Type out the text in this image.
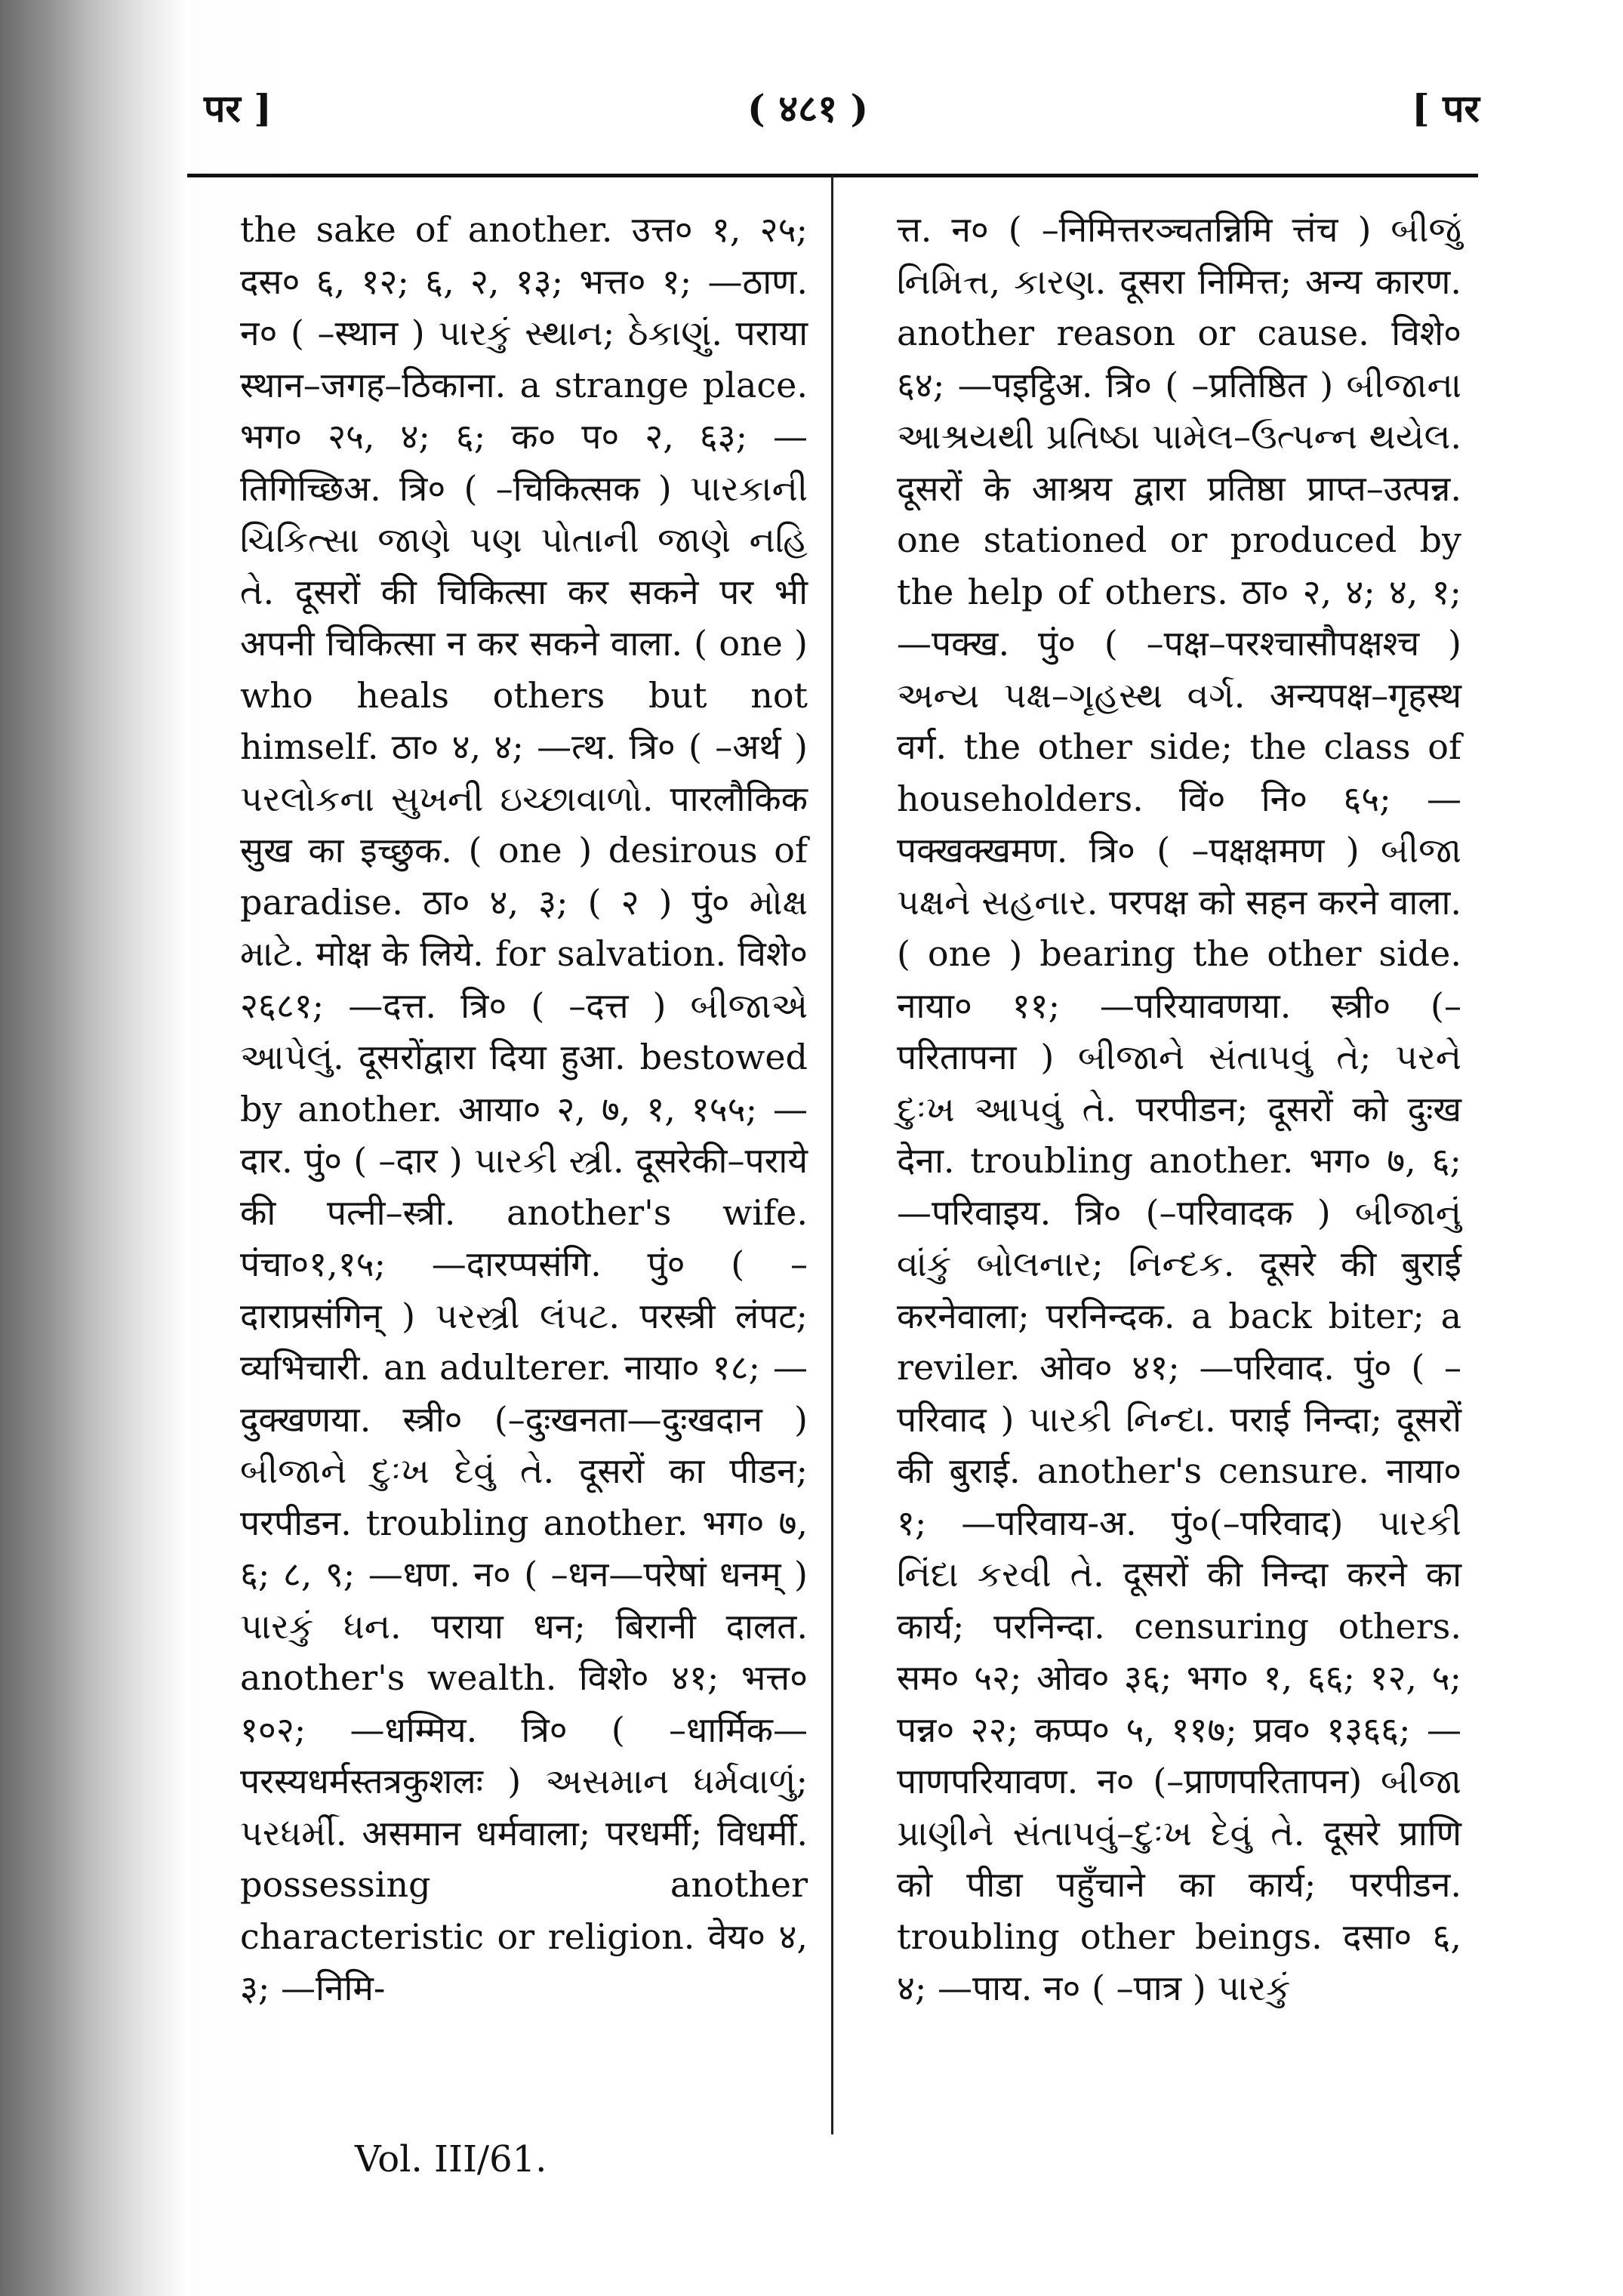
पर ]	( ४८१ )	[ पर

the sake of another. उत्त० १, २५; दस० ६, १२; ६, २, १३; भत्त० १; —ठाण. न० ( –स्थान ) પારકું સ્થાન; ઠેકાણું. पराया स्थान–जगह–ठिकाना. a strange place. भग० २५, ४; ६; क० प० २, ६३; —तिगिच्छिअ. त्रि० ( –चिकित्सक ) પારકાની ચિકિત્સા જાણે પણ પોતાની જાણે નહિ તે. दूसरों की चिकित्सा कर सकने पर भी अपनी चिकित्सा न कर सकने वाला. ( one ) who heals others but not himself. ठा० ४, ४; —त्थ. त्रि० ( –अर्थ ) પરલોકના સુખની ઇચ્છાવાળો. पारलौकिक सुख का इच्छुक. ( one ) desirous of paradise. ठा० ४, ३; ( २ ) पुं० મોક્ષ માટે. मोक्ष के लिये. for salvation. विशे० २६८१; —दत्त. त्रि० ( –दत्त ) બીજાએ આપેલું. दूसरोंद्वारा दिया हुआ. bestowed by another. आया० २, ७, १, १५५; —दार. पुं० ( –दार ) પારકી સ્ત્રી. दूसरेकी–पराये की पत्नी–स्त्री. another's wife. पंचा०१,१५; —दारप्पसंगि. पुं० ( –दाराप्रसंगिन् ) પરસ્ત્રી લંપટ. परस्त्री लंपट; व्यभिचारी. an adulterer. नाया० १८; —दुक्खणया. स्त्री० (–दुःखनता—दुःखदान ) બીજાને દુઃખ દેવું તે. दूसरों का पीडन; परपीडन. troubling another. भग० ७, ६; ८, ९; —धण. न० ( –धन—परेषां धनम् ) પારકું ધન. पराया धन; बिरानी दालत. another's wealth. विशे० ४१; भत्त० १०२; —धम्मिय. त्रि० ( –धार्मिक—परस्यधर्मस्तत्रकुशलः ) અસમાન ધર્મવાળું; પરધર્મી. असमान धर्मवाला; परधर्मी; विधर्मी. possessing another characteristic or religion. वेय० ४, ३; —निमि-

त्त. न० ( –निमित्तरञ्चतन्निमि त्तंच ) બીજું નિમિત્ત, કારણ. दूसरा निमित्त; अन्य कारण. another reason or cause. विशे० ६४; —पइट्ठिअ. त्रि० ( –प्रतिष्ठित ) બીજાના આશ્રયથી પ્રતિષ્ઠા પામેલ–ઉત્પન્ન થયેલ. दूसरों के आश्रय द्वारा प्रतिष्ठा प्राप्त–उत्पन्न. one stationed or produced by the help of others. ठा० २, ४; ४, १; —पक्ख. पुं० ( –पक्ष–परश्चासौपक्षश्च ) અન્ય પક્ષ–ગૃહસ્થ વર્ગ. अन्यपक्ष–गृहस्थ वर्ग. the other side; the class of householders. विं० नि० ६५; —पक्खक्खमण. त्रि० ( –पक्षक्षमण ) બીજા પક્ષને સહનાર. परपक्ष को सहन करने वाला. ( one ) bearing the other side. नाया० ११; —परियावणया. स्त्री० (–परितापना ) બીજાને સંતાપવું તે; પરને દુઃખ આપવું તે. परपीडन; दूसरों को दुःख देना. troubling another. भग० ७, ६; —परिवाइय. त्रि० (–परिवादक ) બીજાનું વાંકું બોલનાર; નિન્દક. दूसरे की बुराई करनेवाला; परनिन्दक. a back biter; a reviler. ओव० ४१; —परिवाद. पुं० ( –परिवाद ) પારકી નિન્દા. पराई निन्दा; दूसरों की बुराई. another's censure. नाया० १; —परिवाय-अ. पुं०(–परिवाद) પારકી નિંદા કરવી તે. दूसरों की निन्दा करने का कार्य; परनिन्दा. censuring others. सम० ५२; ओव० ३६; भग० १, ६६; १२, ५; पन्न० २२; कप्प० ५, ११७; प्रव० १३६६; —पाणपरियावण. न० (–प्राणपरितापन) બીજા પ્રાણીને સંતાપવું–દુઃખ દેવું તે. दूसरे प्राणि को पीडा पहुँचाने का कार्य; परपीडन. troubling other beings. दसा० ६, ४; —पाय. न० ( –पात्र ) પારકું

Vol. III/61.
